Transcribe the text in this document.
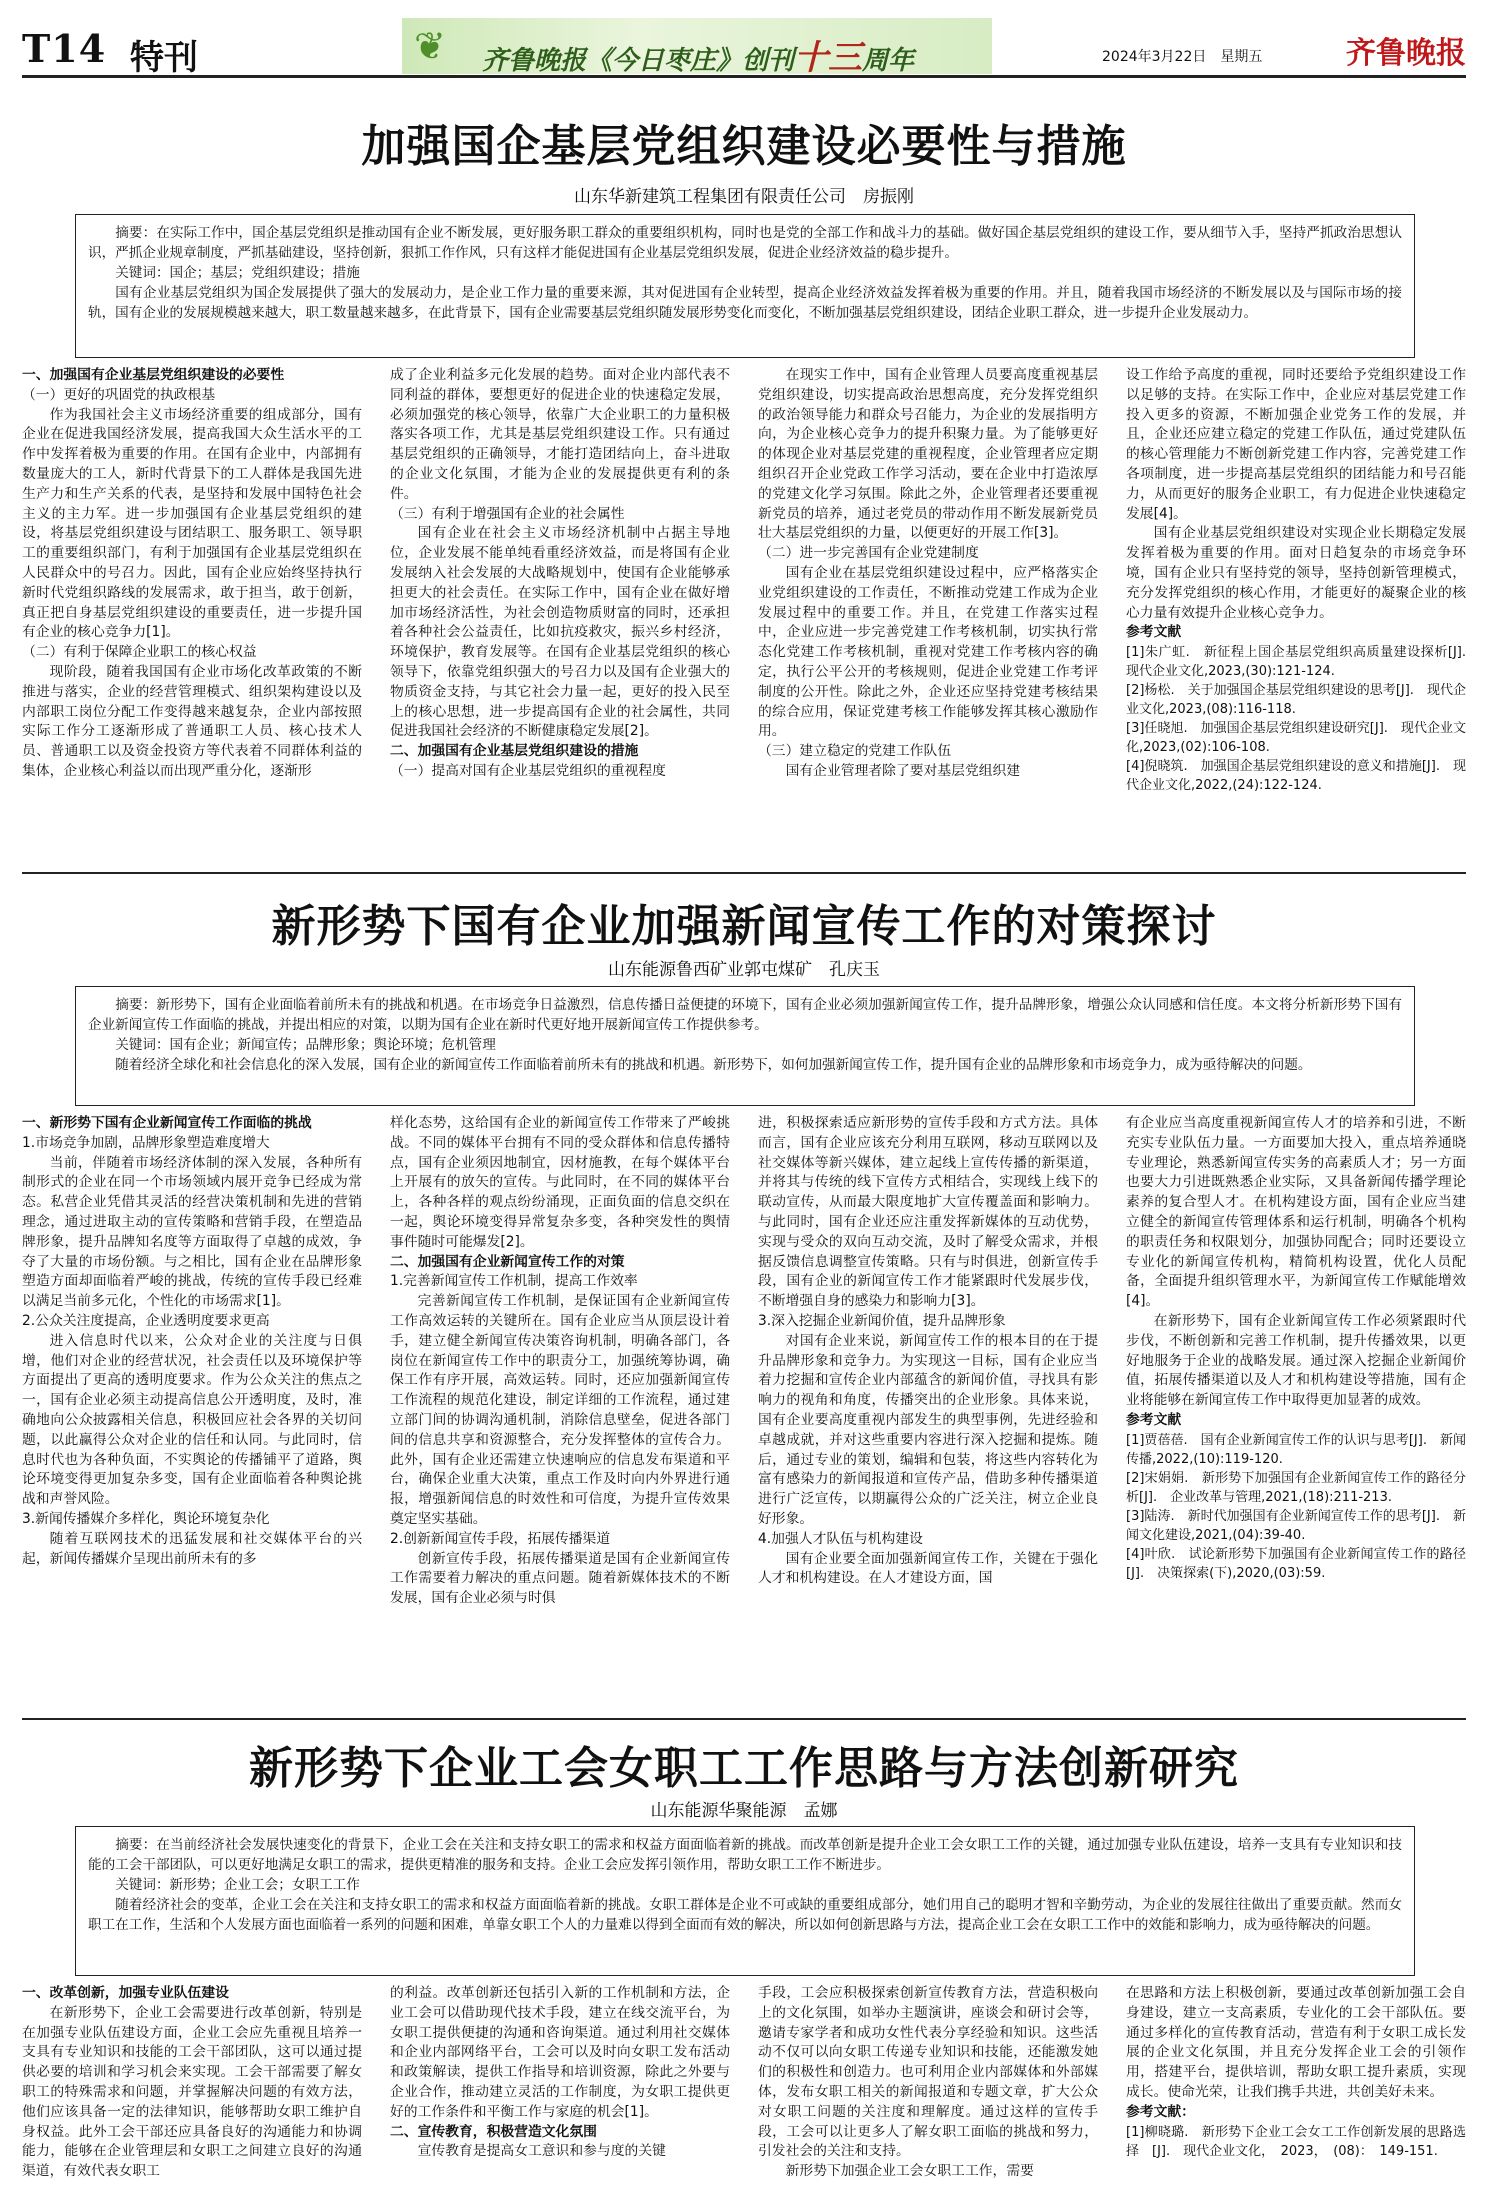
T14 特刊	❦ 齐鲁晚报《今日枣庄》创刊十三周年	2024年3月22日　星期五	齐鲁晚报
加强国企基层党组织建设必要性与措施
山东华新建筑工程集团有限责任公司　房振刚

摘要：在实际工作中，国企基层党组织是推动国有企业不断发展，更好服务职工群众的重要组织机构，同时也是党的全部工作和战斗力的基础。做好国企基层党组织的建设工作，要从细节入手，坚持严抓政治思想认识，严抓企业规章制度，严抓基础建设，坚持创新，狠抓工作作风，只有这样才能促进国有企业基层党组织发展，促进企业经济效益的稳步提升。

关键词：国企；基层；党组织建设；措施

国有企业基层党组织为国企发展提供了强大的发展动力，是企业工作力量的重要来源，其对促进国有企业转型，提高企业经济效益发挥着极为重要的作用。并且，随着我国市场经济的不断发展以及与国际市场的接轨，国有企业的发展规模越来越大，职工数量越来越多，在此背景下，国有企业需要基层党组织随发展形势变化而变化，不断加强基层党组织建设，团结企业职工群众，进一步提升企业发展动力。

一、加强国有企业基层党组织建设的必要性

（一）更好的巩固党的执政根基

作为我国社会主义市场经济重要的组成部分，国有企业在促进我国经济发展，提高我国大众生活水平的工作中发挥着极为重要的作用。在国有企业中，内部拥有数量庞大的工人，新时代背景下的工人群体是我国先进生产力和生产关系的代表，是坚持和发展中国特色社会主义的主力军。进一步加强国有企业基层党组织的建设，将基层党组织建设与团结职工、服务职工、领导职工的重要组织部门，有利于加强国有企业基层党组织在人民群众中的号召力。因此，国有企业应始终坚持执行新时代党组织路线的发展需求，敢于担当，敢于创新，真正把自身基层党组织建设的重要责任，进一步提升国有企业的核心竞争力[1]。

（二）有利于保障企业职工的核心权益

现阶段，随着我国国有企业市场化改革政策的不断推进与落实，企业的经营管理模式、组织架构建设以及内部职工岗位分配工作变得越来越复杂，企业内部按照实际工作分工逐渐形成了普通职工人员、核心技术人员、普通职工以及资金投资方等代表着不同群体利益的集体，企业核心利益以而出现严重分化，逐渐形

成了企业利益多元化发展的趋势。面对企业内部代表不同利益的群体，要想更好的促进企业的快速稳定发展，必须加强党的核心领导，依靠广大企业职工的力量积极落实各项工作，尤其是基层党组织建设工作。只有通过基层党组织的正确领导，才能打造团结向上，奋斗进取的企业文化氛围，才能为企业的发展提供更有利的条件。

（三）有利于增强国有企业的社会属性

国有企业在社会主义市场经济机制中占据主导地位，企业发展不能单纯看重经济效益，而是将国有企业发展纳入社会发展的大战略规划中，使国有企业能够承担更大的社会责任。在实际工作中，国有企业在做好增加市场经济活性，为社会创造物质财富的同时，还承担着各种社会公益责任，比如抗疫救灾，振兴乡村经济，环境保护，教育发展等。在国有企业基层党组织的核心领导下，依靠党组织强大的号召力以及国有企业强大的物质资金支持，与其它社会力量一起，更好的投入民至上的核心思想，进一步提高国有企业的社会属性，共同促进我国社会经济的不断健康稳定发展[2]。

二、加强国有企业基层党组织建设的措施

（一）提高对国有企业基层党组织的重视程度

在现实工作中，国有企业管理人员要高度重视基层党组织建设，切实提高政治思想高度，充分发挥党组织的政治领导能力和群众号召能力，为企业的发展指明方向，为企业核心竞争力的提升积聚力量。为了能够更好的体现企业对基层党建的重视程度，企业管理者应定期组织召开企业党政工作学习活动，要在企业中打造浓厚的党建文化学习氛围。除此之外，企业管理者还要重视新党员的培养，通过老党员的带动作用不断发展新党员壮大基层党组织的力量，以便更好的开展工作[3]。

（二）进一步完善国有企业党建制度

国有企业在基层党组织建设过程中，应严格落实企业党组织建设的工作责任，不断推动党建工作成为企业发展过程中的重要工作。并且，在党建工作落实过程中，企业应进一步完善党建工作考核机制，切实执行常态化党建工作考核机制，重视对党建工作考核内容的确定，执行公平公开的考核规则，促进企业党建工作考评制度的公开性。除此之外，企业还应坚持党建考核结果的综合应用，保证党建考核工作能够发挥其核心激励作用。

（三）建立稳定的党建工作队伍

国有企业管理者除了要对基层党组织建

设工作给予高度的重视，同时还要给予党组织建设工作以足够的支持。在实际工作中，企业应对基层党建工作投入更多的资源，不断加强企业党务工作的发展，并且，企业还应建立稳定的党建工作队伍，通过党建队伍的核心管理能力不断创新党建工作内容，完善党建工作各项制度，进一步提高基层党组织的团结能力和号召能力，从而更好的服务企业职工，有力促进企业快速稳定发展[4]。

国有企业基层党组织建设对实现企业长期稳定发展发挥着极为重要的作用。面对日趋复杂的市场竞争环境，国有企业只有坚持党的领导，坚持创新管理模式，充分发挥党组织的核心作用，才能更好的凝聚企业的核心力量有效提升企业核心竞争力。

参考文献

[1]朱广虹.　新征程上国企基层党组织高质量建设探析[J].　现代企业文化,2023,(30):121-124.

[2]杨松.　关于加强国企基层党组织建设的思考[J].　现代企业文化,2023,(08):116-118.

[3]任晓旭.　加强国企基层党组织建设研究[J].　现代企业文化,2023,(02):106-108.

[4]倪晓筑.　加强国企基层党组织建设的意义和措施[J].　现代企业文化,2022,(24):122-124.

新形势下国有企业加强新闻宣传工作的对策探讨
山东能源鲁西矿业郭屯煤矿　孔庆玉

摘要：新形势下，国有企业面临着前所未有的挑战和机遇。在市场竞争日益激烈，信息传播日益便捷的环境下，国有企业必须加强新闻宣传工作，提升品牌形象，增强公众认同感和信任度。本文将分析新形势下国有企业新闻宣传工作面临的挑战，并提出相应的对策，以期为国有企业在新时代更好地开展新闻宣传工作提供参考。

关键词：国有企业；新闻宣传；品牌形象；舆论环境；危机管理

随着经济全球化和社会信息化的深入发展，国有企业的新闻宣传工作面临着前所未有的挑战和机遇。新形势下，如何加强新闻宣传工作，提升国有企业的品牌形象和市场竞争力，成为亟待解决的问题。

一、新形势下国有企业新闻宣传工作面临的挑战

1.市场竞争加剧，品牌形象塑造难度增大

当前，伴随着市场经济体制的深入发展，各种所有制形式的企业在同一个市场领域内展开竞争已经成为常态。私营企业凭借其灵活的经营决策机制和先进的营销理念，通过进取主动的宣传策略和营销手段，在塑造品牌形象，提升品牌知名度等方面取得了卓越的成效，争夺了大量的市场份额。与之相比，国有企业在品牌形象塑造方面却面临着严峻的挑战，传统的宣传手段已经难以满足当前多元化，个性化的市场需求[1]。

2.公众关注度提高，企业透明度要求更高

进入信息时代以来，公众对企业的关注度与日俱增，他们对企业的经营状况，社会责任以及环境保护等方面提出了更高的透明度要求。作为公众关注的焦点之一，国有企业必须主动提高信息公开透明度，及时，准确地向公众披露相关信息，积极回应社会各界的关切问题，以此赢得公众对企业的信任和认同。与此同时，信息时代也为各种负面，不实舆论的传播铺平了道路，舆论环境变得更加复杂多变，国有企业面临着各种舆论挑战和声誉风险。

3.新闻传播媒介多样化，舆论环境复杂化

随着互联网技术的迅猛发展和社交媒体平台的兴起，新闻传播媒介呈现出前所未有的多

样化态势，这给国有企业的新闻宣传工作带来了严峻挑战。不同的媒体平台拥有不同的受众群体和信息传播特点，国有企业须因地制宜，因材施教，在每个媒体平台上开展有的放矢的宣传。与此同时，在不同的媒体平台上，各种各样的观点纷纷涌现，正面负面的信息交织在一起，舆论环境变得异常复杂多变，各种突发性的舆情事件随时可能爆发[2]。

二、加强国有企业新闻宣传工作的对策

1.完善新闻宣传工作机制，提高工作效率

完善新闻宣传工作机制，是保证国有企业新闻宣传工作高效运转的关键所在。国有企业应当从顶层设计着手，建立健全新闻宣传决策咨询机制，明确各部门，各岗位在新闻宣传工作中的职责分工，加强统筹协调，确保工作有序开展，高效运转。同时，还应加强新闻宣传工作流程的规范化建设，制定详细的工作流程，通过建立部门间的协调沟通机制，消除信息壁垒，促进各部门间的信息共享和资源整合，充分发挥整体的宣传合力。此外，国有企业还需建立快速响应的信息发布渠道和平台，确保企业重大决策，重点工作及时向内外界进行通报，增强新闻信息的时效性和可信度，为提升宣传效果奠定坚实基础。

2.创新新闻宣传手段，拓展传播渠道

创新宣传手段，拓展传播渠道是国有企业新闻宣传工作需要着力解决的重点问题。随着新媒体技术的不断发展，国有企业必须与时俱

进，积极探索适应新形势的宣传手段和方式方法。具体而言，国有企业应该充分利用互联网，移动互联网以及社交媒体等新兴媒体，建立起线上宣传传播的新渠道，并将其与传统的线下宣传方式相结合，实现线上线下的联动宣传，从而最大限度地扩大宣传覆盖面和影响力。与此同时，国有企业还应注重发挥新媒体的互动优势，实现与受众的双向互动交流，及时了解受众需求，并根据反馈信息调整宣传策略。只有与时俱进，创新宣传手段，国有企业的新闻宣传工作才能紧跟时代发展步伐，不断增强自身的感染力和影响力[3]。

3.深入挖掘企业新闻价值，提升品牌形象

对国有企业来说，新闻宣传工作的根本目的在于提升品牌形象和竞争力。为实现这一目标，国有企业应当着力挖掘和宣传企业内部蕴含的新闻价值，寻找具有影响力的视角和角度，传播突出的企业形象。具体来说，国有企业要高度重视内部发生的典型事例，先进经验和卓越成就，并对这些重要内容进行深入挖掘和提炼。随后，通过专业的策划，编辑和包装，将这些内容转化为富有感染力的新闻报道和宣传产品，借助多种传播渠道进行广泛宣传，以期赢得公众的广泛关注，树立企业良好形象。

4.加强人才队伍与机构建设

国有企业要全面加强新闻宣传工作，关键在于强化人才和机构建设。在人才建设方面，国

有企业应当高度重视新闻宣传人才的培养和引进，不断充实专业队伍力量。一方面要加大投入，重点培养通晓专业理论，熟悉新闻宣传实务的高素质人才；另一方面也要大力引进既熟悉企业实际，又具备新闻传播学理论素养的复合型人才。在机构建设方面，国有企业应当建立健全的新闻宣传管理体系和运行机制，明确各个机构的职责任务和权限划分，加强协同配合；同时还要设立专业化的新闻宣传机构，精简机构设置，优化人员配备，全面提升组织管理水平，为新闻宣传工作赋能增效[4]。

在新形势下，国有企业新闻宣传工作必须紧跟时代步伐，不断创新和完善工作机制，提升传播效果，以更好地服务于企业的战略发展。通过深入挖掘企业新闻价值，拓展传播渠道以及人才和机构建设等措施，国有企业将能够在新闻宣传工作中取得更加显著的成效。

参考文献

[1]贾蓓蓓.　国有企业新闻宣传工作的认识与思考[J].　新闻传播,2022,(10):119-120.

[2]宋娟娟.　新形势下加强国有企业新闻宣传工作的路径分析[J].　企业改革与管理,2021,(18):211-213.

[3]陆涛.　新时代加强国有企业新闻宣传工作的思考[J].　新闻文化建设,2021,(04):39-40.

[4]叶欣.　试论新形势下加强国有企业新闻宣传工作的路径[J].　决策探索(下),2020,(03):59.

新形势下企业工会女职工工作思路与方法创新研究
山东能源华聚能源　孟娜

摘要：在当前经济社会发展快速变化的背景下，企业工会在关注和支持女职工的需求和权益方面面临着新的挑战。而改革创新是提升企业工会女职工工作的关键，通过加强专业队伍建设，培养一支具有专业知识和技能的工会干部团队，可以更好地满足女职工的需求，提供更精准的服务和支持。企业工会应发挥引领作用，帮助女职工工作不断进步。

关键词：新形势；企业工会；女职工工作

随着经济社会的变革，企业工会在关注和支持女职工的需求和权益方面面临着新的挑战。女职工群体是企业不可或缺的重要组成部分，她们用自己的聪明才智和辛勤劳动，为企业的发展往往做出了重要贡献。然而女职工在工作，生活和个人发展方面也面临着一系列的问题和困难，单靠女职工个人的力量难以得到全面而有效的解决，所以如何创新思路与方法，提高企业工会在女职工工作中的效能和影响力，成为亟待解决的问题。

一、改革创新，加强专业队伍建设

在新形势下，企业工会需要进行改革创新，特别是在加强专业队伍建设方面，企业工会应先重视且培养一支具有专业知识和技能的工会干部团队，这可以通过提供必要的培训和学习机会来实现。工会干部需要了解女职工的特殊需求和问题，并掌握解决问题的有效方法，他们应该具备一定的法律知识，能够帮助女职工维护自身权益。此外工会干部还应具备良好的沟通能力和协调能力，能够在企业管理层和女职工之间建立良好的沟通渠道，有效代表女职工

的利益。改革创新还包括引入新的工作机制和方法，企业工会可以借助现代技术手段，建立在线交流平台，为女职工提供便捷的沟通和咨询渠道。通过利用社交媒体和企业内部网络平台，工会可以及时向女职工发布活动和政策解读，提供工作指导和培训资源，除此之外要与企业合作，推动建立灵活的工作制度，为女职工提供更好的工作条件和平衡工作与家庭的机会[1]。

二、宣传教育，积极营造文化氛围

宣传教育是提高女工意识和参与度的关键

手段，工会应积极探索创新宣传教育方法，营造积极向上的文化氛围，如举办主题演讲，座谈会和研讨会等，邀请专家学者和成功女性代表分享经验和知识。这些活动不仅可以向女职工传递专业知识和技能，还能激发她们的积极性和创造力。也可利用企业内部媒体和外部媒体，发布女职工相关的新闻报道和专题文章，扩大公众对女职工问题的关注度和理解度。通过这样的宣传手段，工会可以让更多人了解女职工面临的挑战和努力，引发社会的关注和支持。

新形势下加强企业工会女职工工作，需要

在思路和方法上积极创新，要通过改革创新加强工会自身建设，建立一支高素质，专业化的工会干部队伍。要通过多样化的宣传教育活动，营造有利于女职工成长发展的企业文化氛围，并且充分发挥企业工会的引领作用，搭建平台，提供培训，帮助女职工提升素质，实现成长。使命光荣，让我们携手共进，共创美好未来。

参考文献：

[1]柳晓璐.　新形势下企业工会女工工作创新发展的思路选择　[J].　现代企业文化，　2023，　(08)：　149-151.
